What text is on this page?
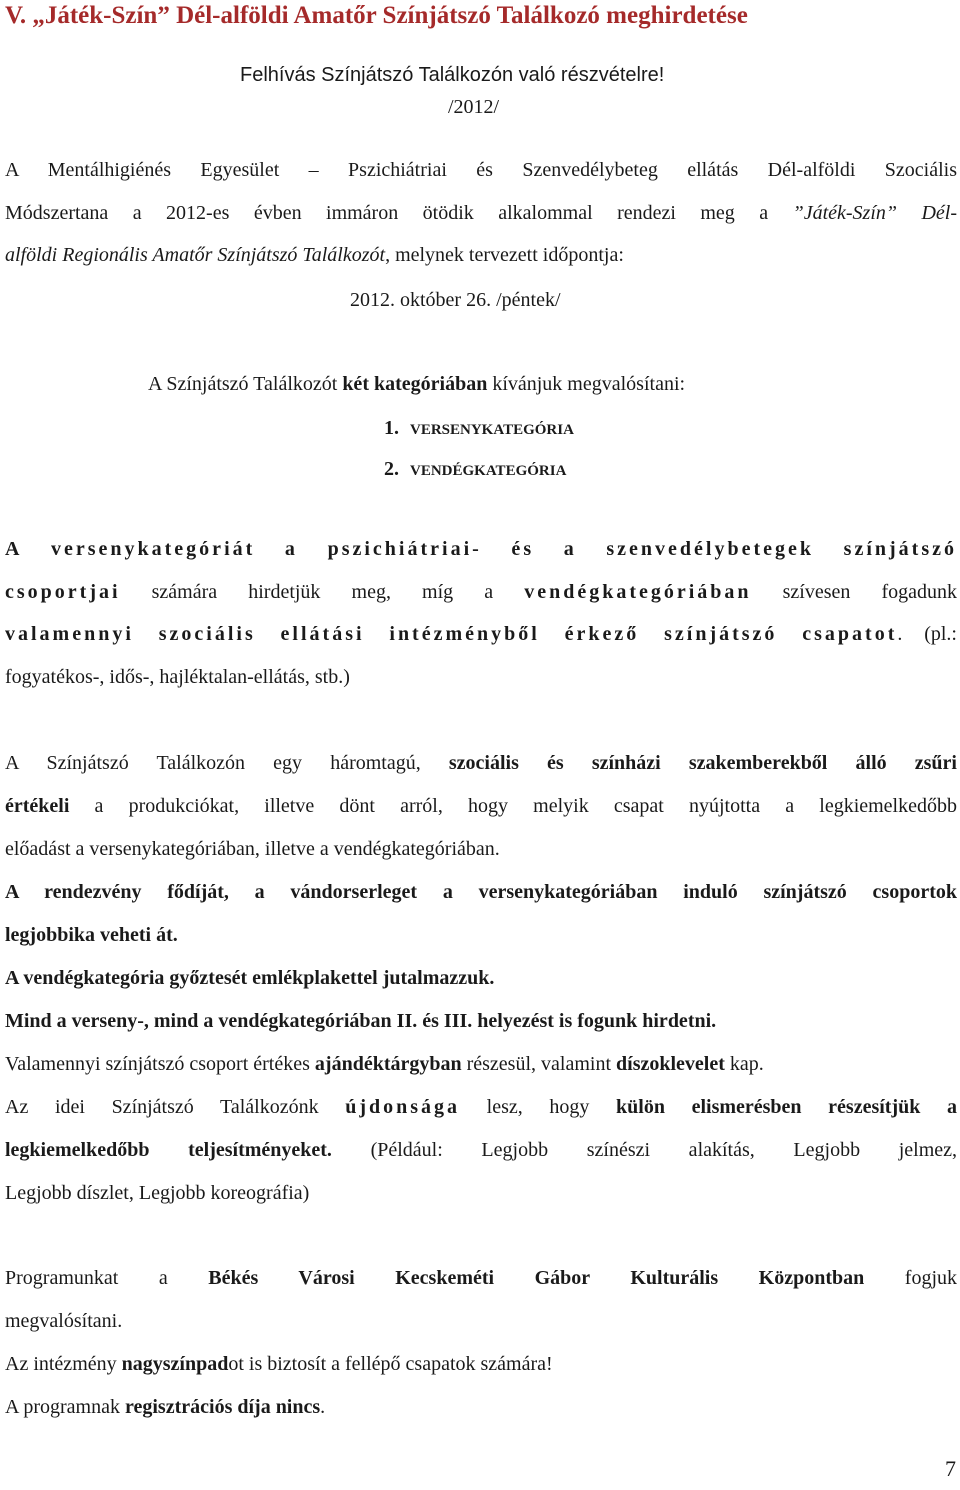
V. „Játék-Szín” Dél-alföldi Amatőr Színjátszó Találkozó meghirdetése
Felhívás Színjátszó Találkozón való részvételre!
/2012/
A Mentálhigiénés Egyesület – Pszichiátriai és Szenvedélybeteg ellátás Dél-alföldi Szociális
Módszertana a 2012-es évben immáron ötödik alkalommal rendezi meg a ”Játék-Szín” Dél-
alföldi Regionális Amatőr Színjátszó Találkozót, melynek tervezett időpontja:
2012. október 26. /péntek/
A Színjátszó Találkozót két kategóriában kívánjuk megvalósítani:
1. VERSENYKATEGÓRIA
2. VENDÉGKATEGÓRIA
A versenykategóriát a pszichiátriai- és a szenvedélybetegek színjátszó
csoportjai számára hirdetjük meg, míg a vendégkategóriában szívesen fogadunk
valamennyi szociális ellátási intézményből érkező színjátszó csapatot. (pl.:
fogyatékos-, idős-, hajléktalan-ellátás, stb.)
A Színjátszó Találkozón egy háromtagú, szociális és színházi szakemberekből álló zsűri
értékeli a produkciókat, illetve dönt arról, hogy melyik csapat nyújtotta a legkiemelkedőbb
előadást a versenykategóriában, illetve a vendégkategóriában.
A rendezvény fődíját, a vándorserleget a versenykategóriában induló színjátszó csoportok
legjobbika veheti át.
A vendégkategória győztesét emlékplakettel jutalmazzuk.
Mind a verseny-, mind a vendégkategóriában II. és III. helyezést is fogunk hirdetni.
Valamennyi színjátszó csoport értékes ajándéktárgyban részesül, valamint díszoklevelet kap.
Az idei Színjátszó Találkozónk újdonsága lesz, hogy külön elismerésben részesítjük a
legkiemelkedőbb teljesítményeket. (Például: Legjobb színészi alakítás, Legjobb jelmez,
Legjobb díszlet, Legjobb koreográfia)
Programunkat a Békés Városi Kecskeméti Gábor Kulturális Központban fogjuk
megvalósítani.
Az intézmény nagyszínpadot is biztosít a fellépő csapatok számára!
A programnak regisztrációs díja nincs.
7
